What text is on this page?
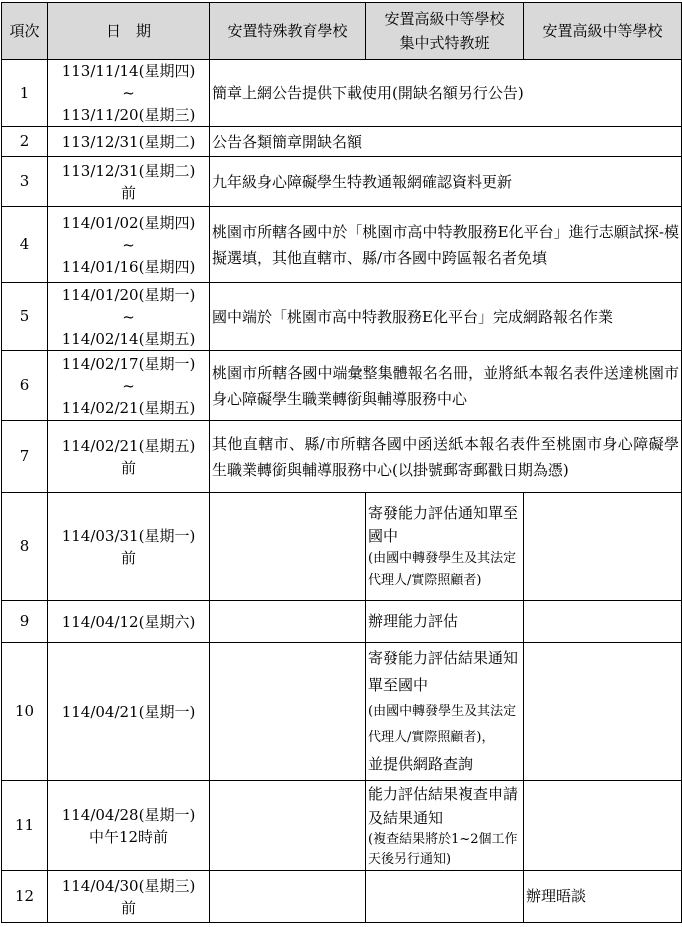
項次	日　期	安置特殊教育學校	安置高級中等學校
集中式特教班	安置高級中等學校
1	113/11/14(星期四)
~
113/11/20(星期三)	簡章上網公告提供下載使用(開缺名額另行公告)		
2	113/12/31(星期二)	公告各類簡章開缺名額		
3	113/12/31(星期二)
前	九年級身心障礙學生特教通報網確認資料更新		
4	114/01/02(星期四)
~
114/01/16(星期四)	桃園市所轄各國中於「桃園市高中特教服務E化平台」進行志願試探-模擬選填，其他直轄市、縣/市各國中跨區報名者免填		
5	114/01/20(星期一)
~
114/02/14(星期五)	國中端於「桃園市高中特教服務E化平台」完成網路報名作業		
6	114/02/17(星期一)
~
114/02/21(星期五)	桃園市所轄各國中端彙整集體報名名冊，並將紙本報名表件送達桃園市身心障礙學生職業轉銜與輔導服務中心		
7	114/02/21(星期五)
前	其他直轄市、縣/市所轄各國中函送紙本報名表件至桃園市身心障礙學生職業轉銜與輔導服務中心(以掛號郵寄郵戳日期為憑)		
8	114/03/31(星期一)
前		寄發能力評估通知單至國中
(由國中轉發學生及其法定代理人/實際照顧者)	

9	114/04/12(星期六)		辦理能力評估	
10	114/04/21(星期一)		寄發能力評估結果通知單至國中
(由國中轉發學生及其法定代理人/實際照顧者)，
並提供網路查詢	

11	114/04/28(星期一)
中午12時前		能力評估結果複查申請及結果通知
(複查結果將於1~2個工作天後另行通知)	

12	114/04/30(星期三)
前			辦理晤談
